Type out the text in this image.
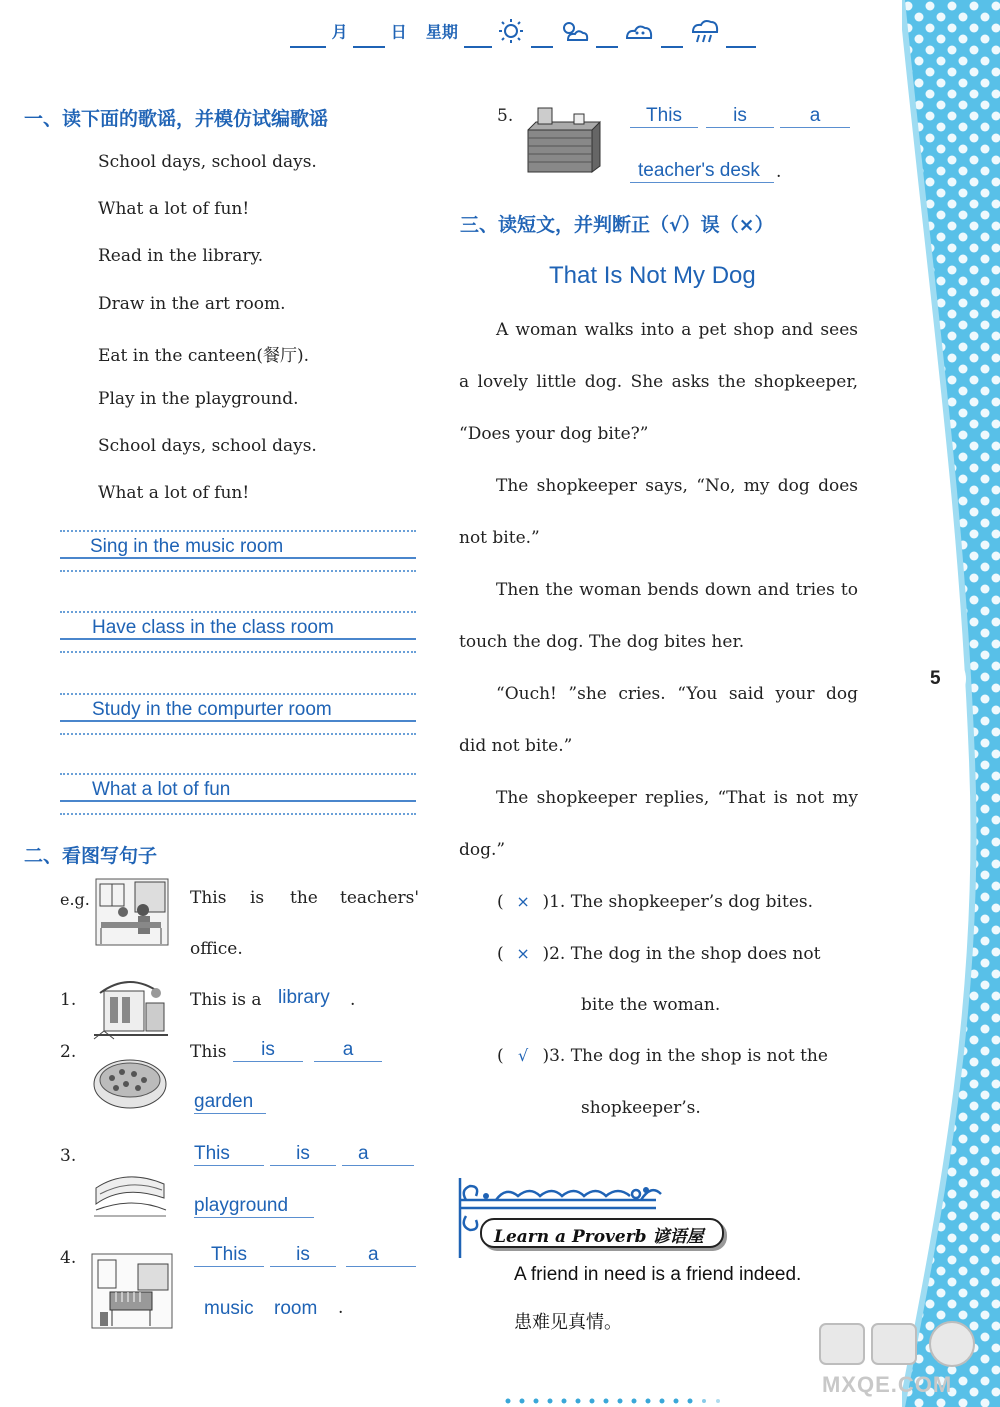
5
月	日 星期
一、读下面的歌谣，并模仿试编歌谣
School days, school days.
What a lot of fun!
Read in the library.
Draw in the art room.
Eat in the canteen(餐厅).
Play in the playground.
School days, school days.
What a lot of fun!
Sing in the music room
Have class in the class room
Study in the compurter room
What a lot of fun
二、看图写句子
e.g.	This is the teachers'
office.
1.	This is a library .
2.	This	is	a
garden
3.	This	is	a
playground
4.	This	is	a
music room .
5.	This	is	a
teacher's desk .
三、读短文，并判断正（√）误（×）
That Is Not My Dog
A woman walks into a pet shop and sees
a lovely little dog. She asks the shopkeeper,
“Does your dog bite?”
The shopkeeper says, “No, my dog does
not bite.”
Then the woman bends down and tries to
touch the dog. The dog bites her.
“Ouch! ”she cries. “You said your dog
did not bite.”
The shopkeeper replies, “That is not my
dog.”
( × )1. The shopkeeper’s dog bites.
( × )2. The dog in the shop does not
bite the woman.
( √ )3. The dog in the shop is not the
shopkeeper’s.
Learn a Proverb 谚语屋
A friend in need is a friend indeed.
患难见真情。
MXQE.COM
